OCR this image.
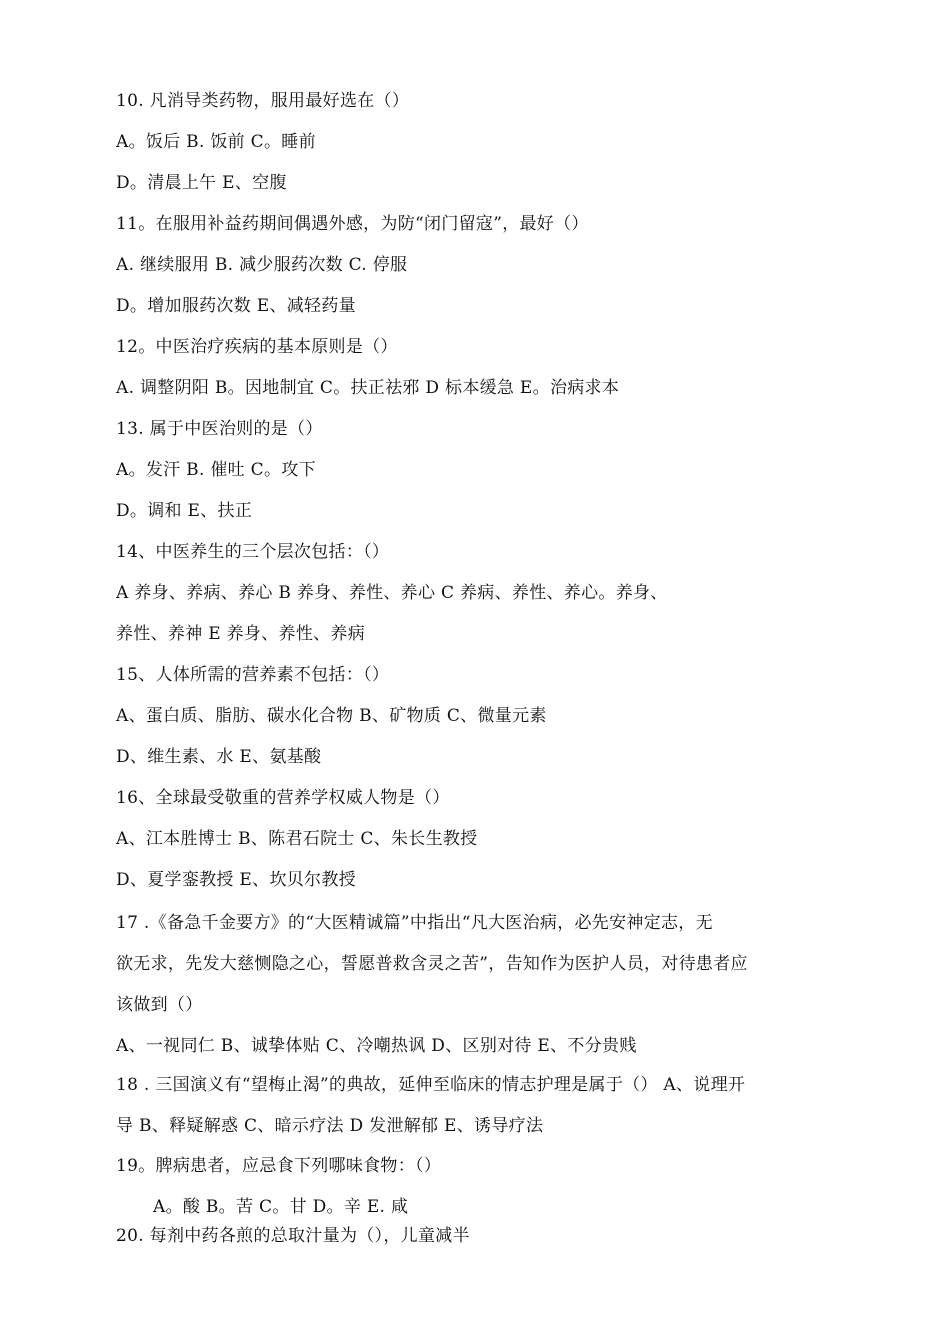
10. 凡消导类药物，服用最好选在（）
A。饭后 B. 饭前 C。睡前
D。清晨上午 E、空腹
11。在服用补益药期间偶遇外感，为防“闭门留寇”，最好（）
A. 继续服用 B. 减少服药次数 C. 停服
D。增加服药次数 E、减轻药量
12。中医治疗疾病的基本原则是（）
A. 调整阴阳 B。因地制宜 C。扶正祛邪 D 标本缓急 E。治病求本
13. 属于中医治则的是（）
A。发汗 B. 催吐 C。攻下
D。调和 E、扶正
14、中医养生的三个层次包括：（）
A 养身、养病、养心 B 养身、养性、养心 C 养病、养性、养心。养身、
养性、养神 E 养身、养性、养病
15、人体所需的营养素不包括：（）
A、蛋白质、脂肪、碳水化合物 B、矿物质 C、微量元素
D、维生素、水 E、氨基酸
16、全球最受敬重的营养学权威人物是（）
A、江本胜博士 B、陈君石院士 C、朱长生教授
D、夏学銮教授 E、坎贝尔教授
17 .《备急千金要方》的“大医精诚篇”中指出“凡大医治病，必先安神定志，无
欲无求，先发大慈恻隐之心，誓愿普救含灵之苦”，告知作为医护人员，对待患者应
该做到（）
A、一视同仁 B、诚挚体贴 C、冷嘲热讽 D、区别对待 E、不分贵贱
18 . 三国演义有“望梅止渴”的典故，延伸至临床的情志护理是属于（） A、说理开
导 B、释疑解惑 C、暗示疗法 D 发泄解郁 E、诱导疗法
19。脾病患者，应忌食下列哪味食物：（）
A。酸 B。苦 C。甘 D。辛 E. 咸
20. 每剂中药各煎的总取汁量为（），儿童减半
